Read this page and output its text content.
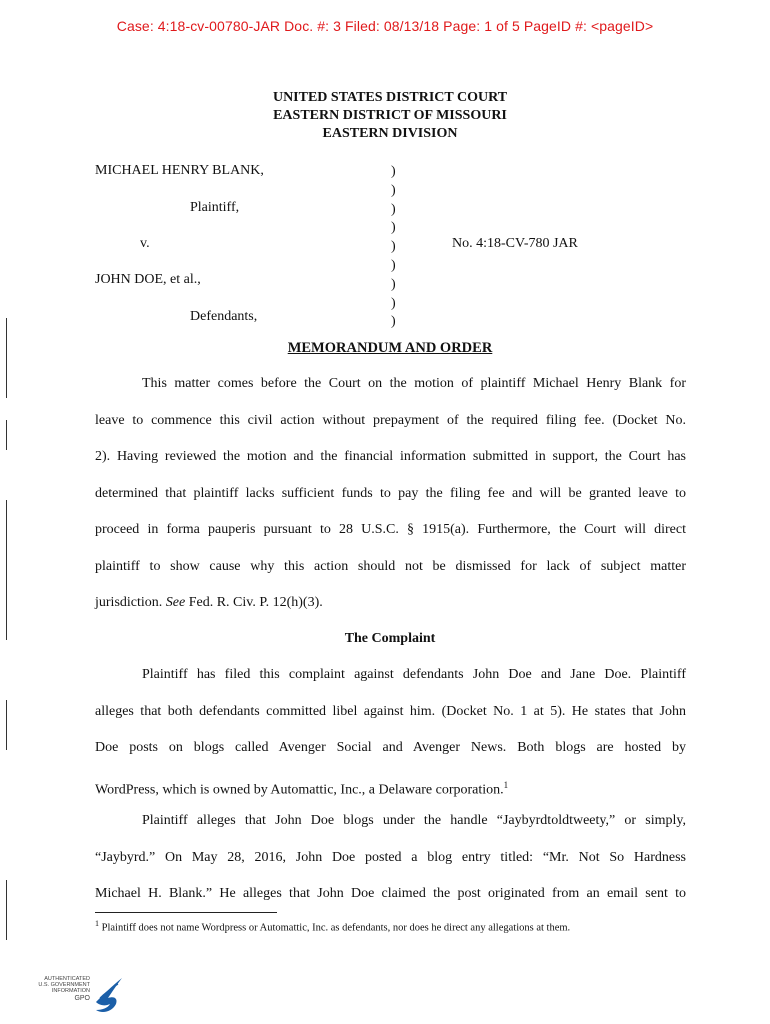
Case: 4:18-cv-00780-JAR Doc. #: 3 Filed: 08/13/18 Page: 1 of 5 PageID #: <pageID>
UNITED STATES DISTRICT COURT
EASTERN DISTRICT OF MISSOURI
EASTERN DIVISION
MICHAEL HENRY BLANK,
Plaintiff,
v.
JOHN DOE, et al.,
Defendants,
No. 4:18-CV-780 JAR
)
)
)
)
)
)
)
)
)
MEMORANDUM AND ORDER
This matter comes before the Court on the motion of plaintiff Michael Henry Blank for
leave to commence this civil action without prepayment of the required filing fee. (Docket No.
2). Having reviewed the motion and the financial information submitted in support, the Court has
determined that plaintiff lacks sufficient funds to pay the filing fee and will be granted leave to
proceed in forma pauperis pursuant to 28 U.S.C. § 1915(a). Furthermore, the Court will direct
plaintiff to show cause why this action should not be dismissed for lack of subject matter
jurisdiction. See Fed. R. Civ. P. 12(h)(3).
The Complaint
Plaintiff has filed this complaint against defendants John Doe and Jane Doe. Plaintiff
alleges that both defendants committed libel against him. (Docket No. 1 at 5). He states that John
Doe posts on blogs called Avenger Social and Avenger News. Both blogs are hosted by
WordPress, which is owned by Automattic, Inc., a Delaware corporation.$^1$
Plaintiff alleges that John Doe blogs under the handle “Jaybyrdtoldtweety,” or simply,
“Jaybyrd.” On May 28, 2016, John Doe posted a blog entry titled: “Mr. Not So Hardness
Michael H. Blank.” He alleges that John Doe claimed the post originated from an email sent to
$^1$ Plaintiff does not name Wordpress or Automattic, Inc. as defendants, nor does he direct any allegations at them.
AUTHENTICATED
U.S. GOVERNMENT
INFORMATION
GPO
